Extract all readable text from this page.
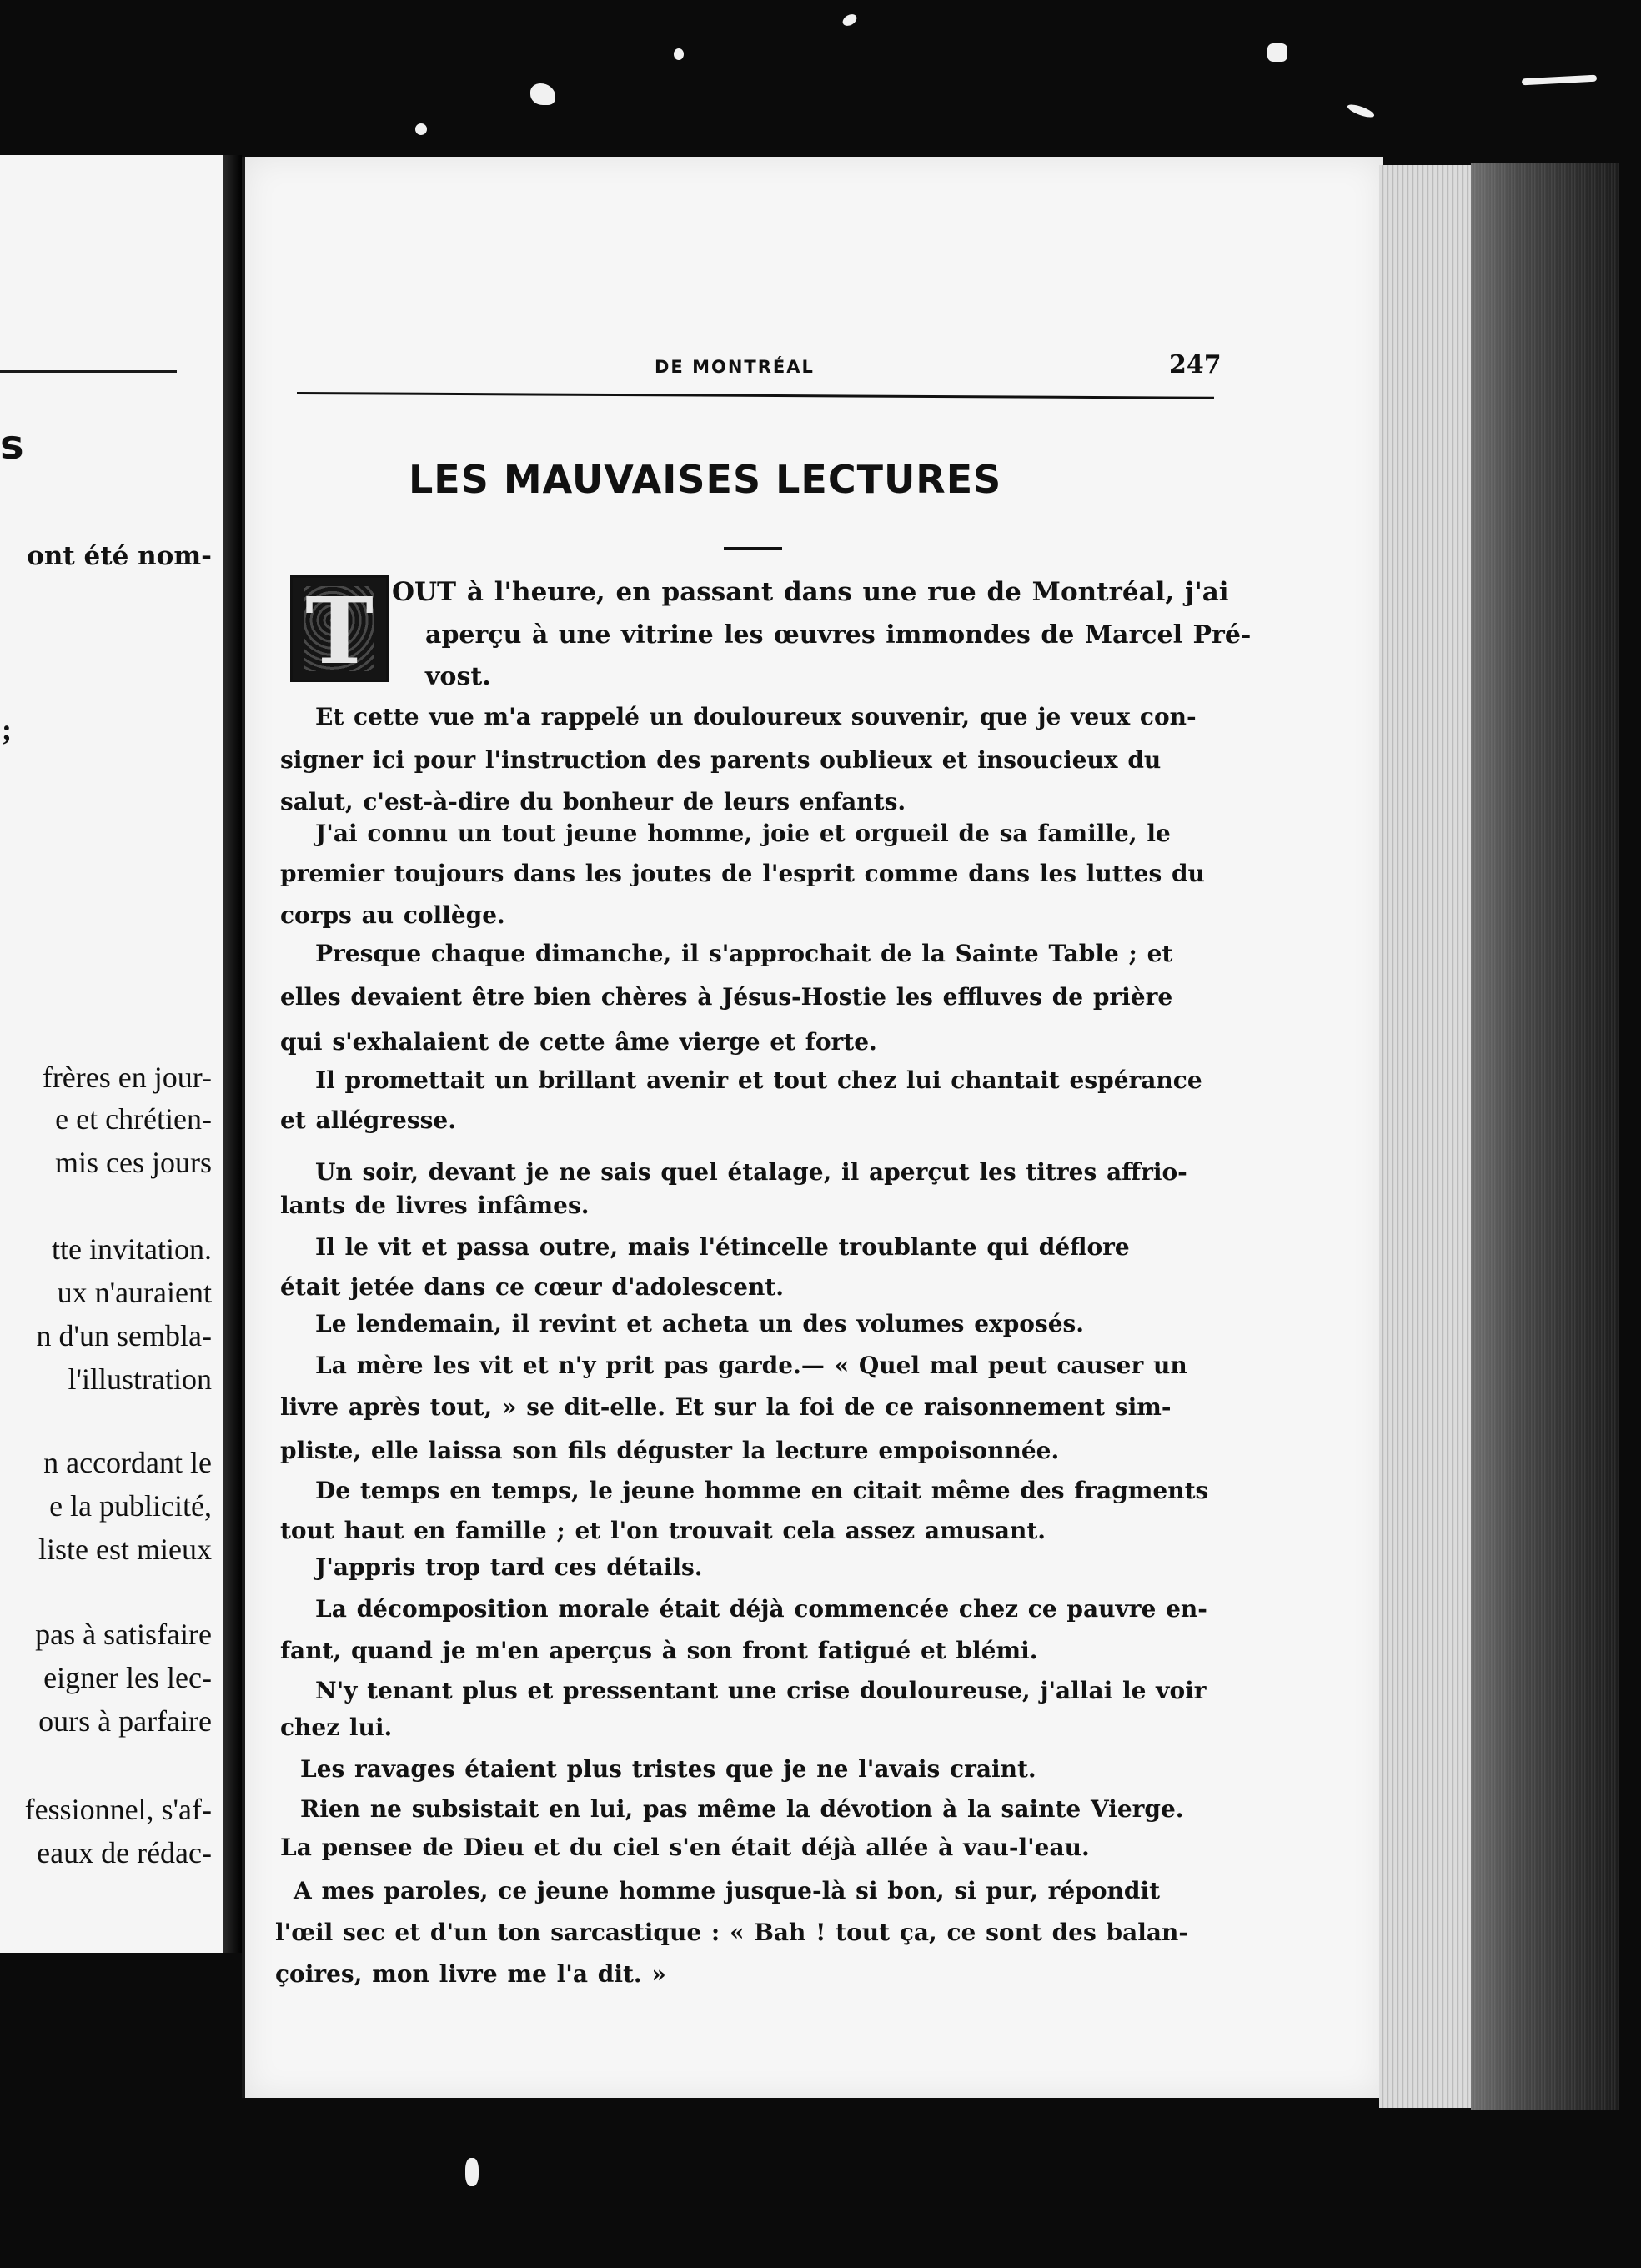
s
ont été nom-
;
frères en jour-
e et chrétien-
mis ces jours
tte invitation.
ux n'auraient
n d'un sembla-
l'illustration
n accordant le
e la publicité,
liste est mieux
pas à satisfaire
eigner les lec-
ours à parfaire
fessionnel, s'af-
eaux de rédac-
DE MONTRÉAL	247
LES MAUVAISES LECTURES
T OUT à l'heure, en passant dans une rue de Montréal, j'ai
aperçu à une vitrine les œuvres immondes de Marcel Pré-
vost.
Et cette vue m'a rappelé un douloureux souvenir, que je veux con-
signer ici pour l'instruction des parents oublieux et insoucieux du
salut, c'est-à-dire du bonheur de leurs enfants.
J'ai connu un tout jeune homme, joie et orgueil de sa famille, le
premier toujours dans les joutes de l'esprit comme dans les luttes du
corps au collège.
Presque chaque dimanche, il s'approchait de la Sainte Table ; et
elles devaient être bien chères à Jésus-Hostie les effluves de prière
qui s'exhalaient de cette âme vierge et forte.
Il promettait un brillant avenir et tout chez lui chantait espérance
et allégresse.
Un soir, devant je ne sais quel étalage, il aperçut les titres affrio-
lants de livres infâmes.
Il le vit et passa outre, mais l'étincelle troublante qui déflore
était jetée dans ce cœur d'adolescent.
Le lendemain, il revint et acheta un des volumes exposés.
La mère les vit et n'y prit pas garde.— « Quel mal peut causer un
livre après tout, » se dit-elle. Et sur la foi de ce raisonnement sim-
pliste, elle laissa son fils déguster la lecture empoisonnée.
De temps en temps, le jeune homme en citait même des fragments
tout haut en famille ; et l'on trouvait cela assez amusant.
J'appris trop tard ces détails.
La décomposition morale était déjà commencée chez ce pauvre en-
fant, quand je m'en aperçus à son front fatigué et blémi.
N'y tenant plus et pressentant une crise douloureuse, j'allai le voir
chez lui.
Les ravages étaient plus tristes que je ne l'avais craint.
Rien ne subsistait en lui, pas même la dévotion à la sainte Vierge.
La pensee de Dieu et du ciel s'en était déjà allée à vau-l'eau.
A mes paroles, ce jeune homme jusque-là si bon, si pur, répondit
l'œil sec et d'un ton sarcastique : « Bah ! tout ça, ce sont des balan-
çoires, mon livre me l'a dit. »
